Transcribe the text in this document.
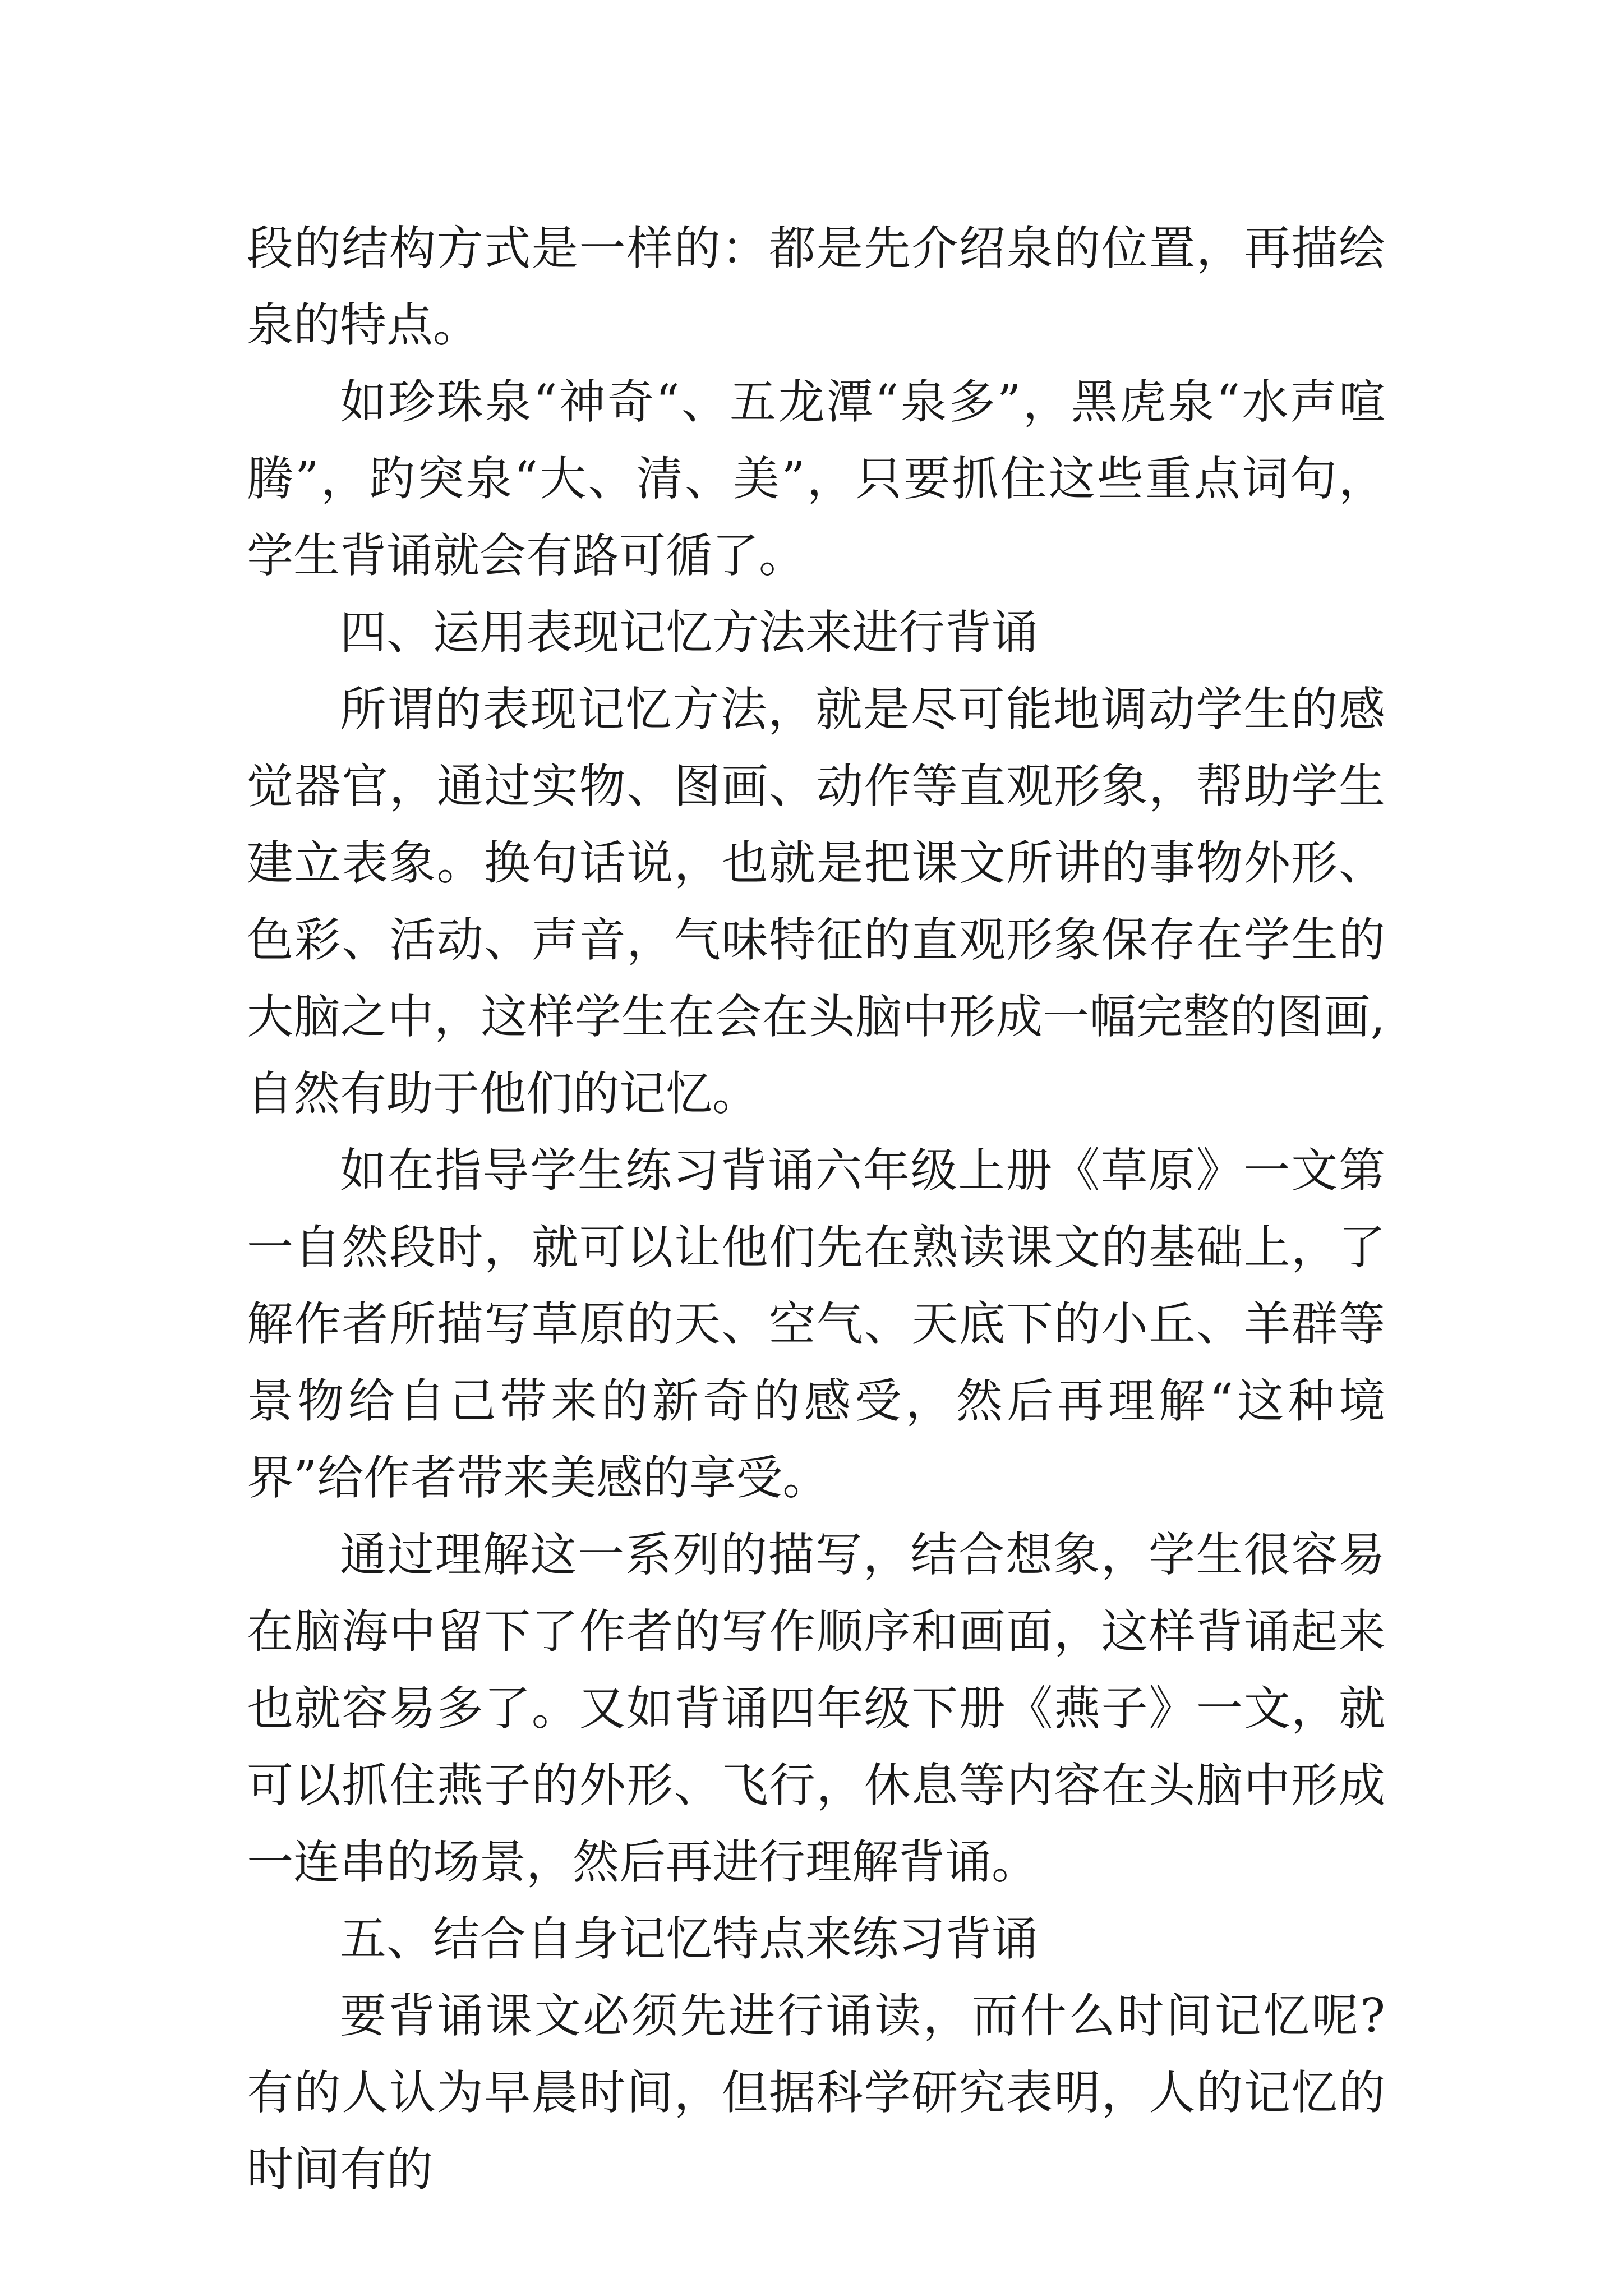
段的结构方式是一样的：都是先介绍泉的位置，再描绘泉的特点。

如珍珠泉“神奇“、五龙潭“泉多”，黑虎泉“水声喧腾”，趵突泉“大、清、美”，只要抓住这些重点词句，学生背诵就会有路可循了。

四、运用表现记忆方法来进行背诵

所谓的表现记忆方法，就是尽可能地调动学生的感觉器官，通过实物、图画、动作等直观形象，帮助学生建立表象。换句话说，也就是把课文所讲的事物外形、色彩、活动、声音，气味特征的直观形象保存在学生的大脑之中，这样学生在会在头脑中形成一幅完整的图画,自然有助于他们的记忆。

如在指导学生练习背诵六年级上册《草原》一文第一自然段时，就可以让他们先在熟读课文的基础上，了解作者所描写草原的天、空气、天底下的小丘、羊群等景物给自己带来的新奇的感受，然后再理解“这种境界”给作者带来美感的享受。

通过理解这一系列的描写，结合想象，学生很容易在脑海中留下了作者的写作顺序和画面，这样背诵起来也就容易多了。又如背诵四年级下册《燕子》一文，就可以抓住燕子的外形、飞行，休息等内容在头脑中形成一连串的场景，然后再进行理解背诵。

五、结合自身记忆特点来练习背诵

要背诵课文必须先进行诵读，而什么时间记忆呢?有的人认为早晨时间，但据科学研究表明，人的记忆的时间有的
